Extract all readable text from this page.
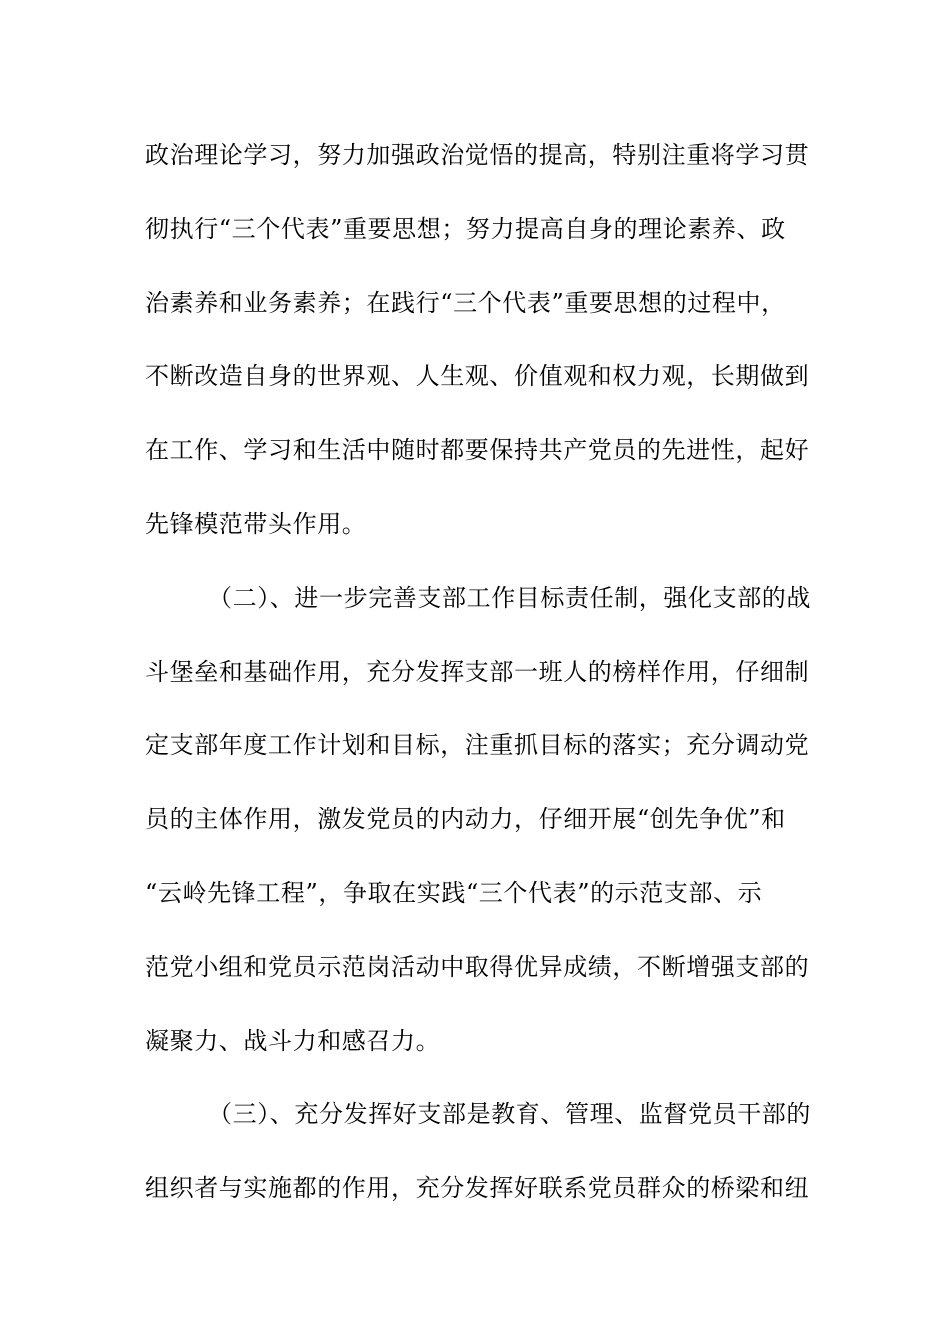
政治理论学习，努力加强政治觉悟的提高，特别注重将学习贯
彻执行“三个代表”重要思想；努力提高自身的理论素养、政
治素养和业务素养；在践行“三个代表”重要思想的过程中，
不断改造自身的世界观、人生观、价值观和权力观，长期做到
在工作、学习和生活中随时都要保持共产党员的先进性，起好
先锋模范带头作用。
（二）、进一步完善支部工作目标责任制，强化支部的战
斗堡垒和基础作用，充分发挥支部一班人的榜样作用，仔细制
定支部年度工作计划和目标，注重抓目标的落实；充分调动党
员的主体作用，激发党员的内动力，仔细开展“创先争优”和
“云岭先锋工程”，争取在实践“三个代表”的示范支部、示
范党小组和党员示范岗活动中取得优异成绩，不断增强支部的
凝聚力、战斗力和感召力。
（三）、充分发挥好支部是教育、管理、监督党员干部的
组织者与实施都的作用，充分发挥好联系党员群众的桥梁和纽
